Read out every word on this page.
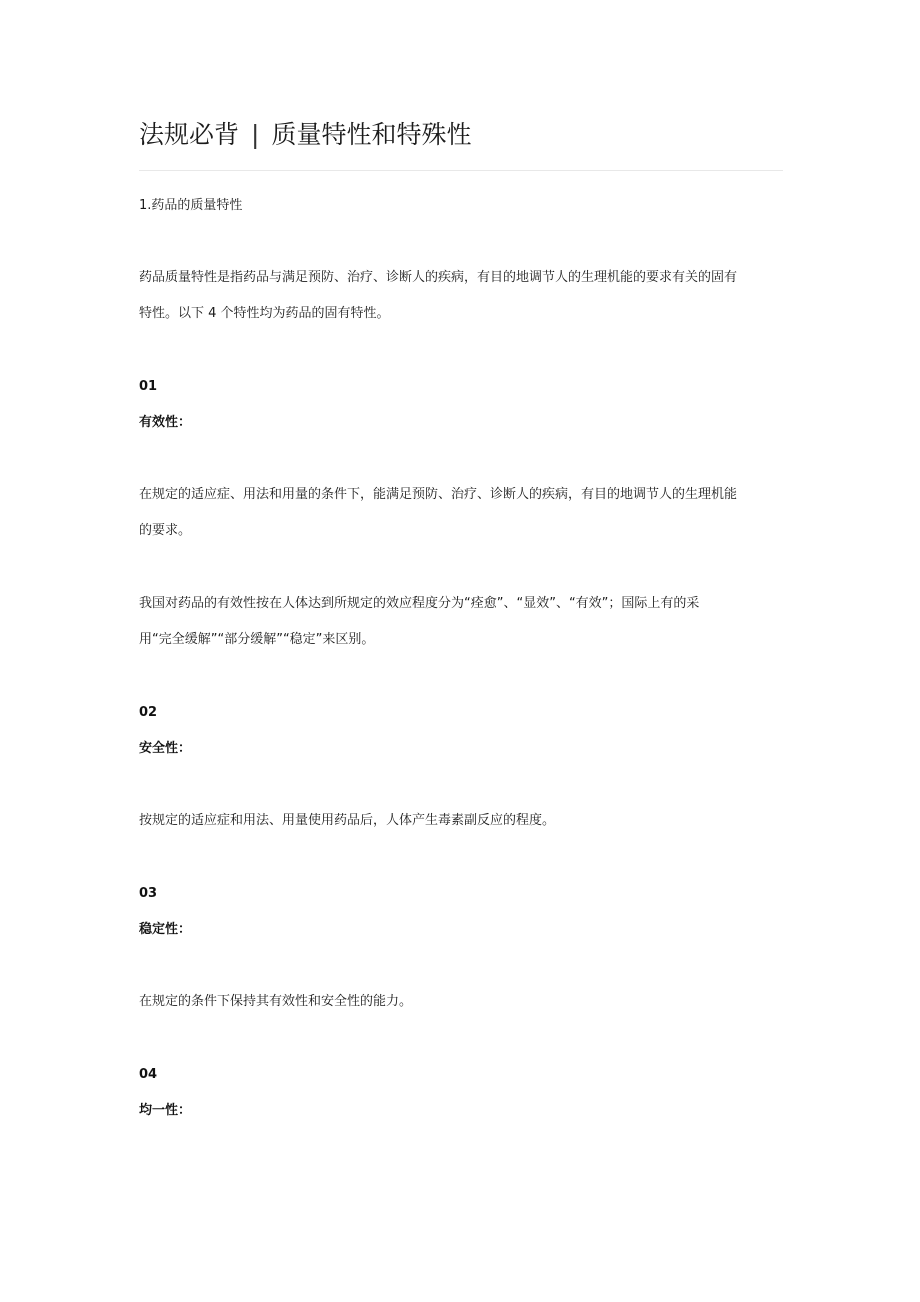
法规必背 | 质量特性和特殊性

1.药品的质量特性

药品质量特性是指药品与满足预防、治疗、诊断人的疾病，有目的地调节人的生理机能的要求有关的固有

特性。以下 4 个特性均为药品的固有特性。

01

有效性：

在规定的适应症、用法和用量的条件下，能满足预防、治疗、诊断人的疾病，有目的地调节人的生理机能

的要求。

我国对药品的有效性按在人体达到所规定的效应程度分为“痊愈”、“显效”、“有效”；国际上有的采

用“完全缓解”“部分缓解”“稳定”来区别。

02

安全性：

按规定的适应症和用法、用量使用药品后，人体产生毒素副反应的程度。

03

稳定性：

在规定的条件下保持其有效性和安全性的能力。

04

均一性：
